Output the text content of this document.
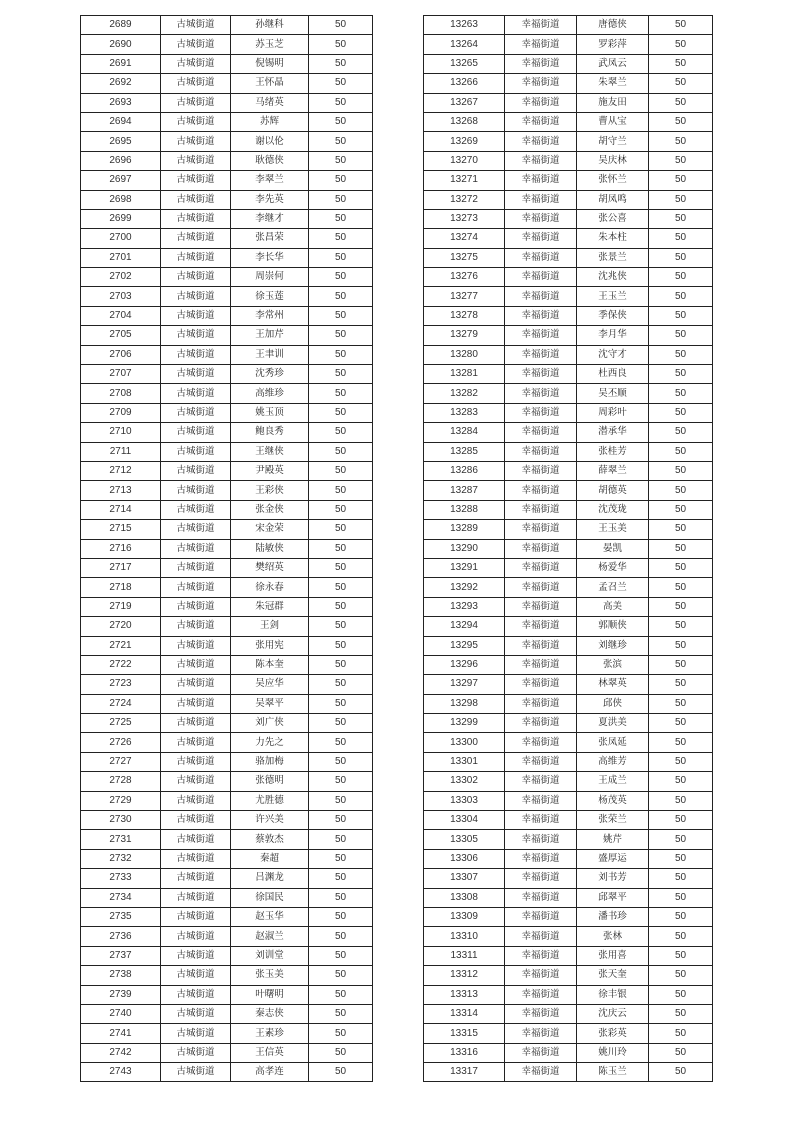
2689	古城街道	孙继科	50
2690	古城街道	苏玉芝	50
2691	古城街道	倪锡明	50
2692	古城街道	王怀晶	50
2693	古城街道	马绪英	50
2694	古城街道	苏辉	50
2695	古城街道	谢以伦	50
2696	古城街道	耿德侠	50
2697	古城街道	李翠兰	50
2698	古城街道	李先英	50
2699	古城街道	李继才	50
2700	古城街道	张昌荣	50
2701	古城街道	李长华	50
2702	古城街道	周崇何	50
2703	古城街道	徐玉莲	50
2704	古城街道	李常州	50
2705	古城街道	王加芹	50
2706	古城街道	王聿训	50
2707	古城街道	沈秀珍	50
2708	古城街道	高维珍	50
2709	古城街道	姚玉顶	50
2710	古城街道	鲍良秀	50
2711	古城街道	王继侠	50
2712	古城街道	尹殿英	50
2713	古城街道	王彩侠	50
2714	古城街道	张金侠	50
2715	古城街道	宋金荣	50
2716	古城街道	陆敏侠	50
2717	古城街道	樊绍英	50
2718	古城街道	徐永春	50
2719	古城街道	朱冠群	50
2720	古城街道	王剑	50
2721	古城街道	张用宪	50
2722	古城街道	陈本奎	50
2723	古城街道	吴应华	50
2724	古城街道	吴翠平	50
2725	古城街道	刘广侠	50
2726	古城街道	力先之	50
2727	古城街道	骆加梅	50
2728	古城街道	张德明	50
2729	古城街道	尤胜德	50
2730	古城街道	许兴美	50
2731	古城街道	蔡敦杰	50
2732	古城街道	秦超	50
2733	古城街道	吕渊龙	50
2734	古城街道	徐国民	50
2735	古城街道	赵玉华	50
2736	古城街道	赵淑兰	50
2737	古城街道	刘训堂	50
2738	古城街道	张玉美	50
2739	古城街道	叶曙明	50
2740	古城街道	秦志侠	50
2741	古城街道	王素珍	50
2742	古城街道	王信英	50
2743	古城街道	高孝连	50
13263	幸福街道	唐德侠	50
13264	幸福街道	罗彩萍	50
13265	幸福街道	武凤云	50
13266	幸福街道	朱翠兰	50
13267	幸福街道	施友田	50
13268	幸福街道	曹从宝	50
13269	幸福街道	胡守兰	50
13270	幸福街道	吴庆林	50
13271	幸福街道	张怀兰	50
13272	幸福街道	胡凤鸣	50
13273	幸福街道	张公喜	50
13274	幸福街道	朱本柱	50
13275	幸福街道	张景兰	50
13276	幸福街道	沈兆侠	50
13277	幸福街道	王玉兰	50
13278	幸福街道	季保侠	50
13279	幸福街道	李月华	50
13280	幸福街道	沈守才	50
13281	幸福街道	杜西良	50
13282	幸福街道	吴丕顺	50
13283	幸福街道	周彩叶	50
13284	幸福街道	潜承华	50
13285	幸福街道	张桂芳	50
13286	幸福街道	薛翠兰	50
13287	幸福街道	胡德英	50
13288	幸福街道	沈茂珑	50
13289	幸福街道	王玉美	50
13290	幸福街道	晏凯	50
13291	幸福街道	杨爱华	50
13292	幸福街道	孟召兰	50
13293	幸福街道	高美	50
13294	幸福街道	郭顺侠	50
13295	幸福街道	刘继珍	50
13296	幸福街道	张滨	50
13297	幸福街道	林翠英	50
13298	幸福街道	邱侠	50
13299	幸福街道	夏洪美	50
13300	幸福街道	张凤延	50
13301	幸福街道	高维芳	50
13302	幸福街道	王成兰	50
13303	幸福街道	杨茂英	50
13304	幸福街道	张荣兰	50
13305	幸福街道	姚芹	50
13306	幸福街道	盛厚运	50
13307	幸福街道	刘书芳	50
13308	幸福街道	邱翠平	50
13309	幸福街道	潘书珍	50
13310	幸福街道	张林	50
13311	幸福街道	张用喜	50
13312	幸福街道	张天奎	50
13313	幸福街道	徐丰银	50
13314	幸福街道	沈庆云	50
13315	幸福街道	张彩英	50
13316	幸福街道	姚川玲	50
13317	幸福街道	陈玉兰	50
